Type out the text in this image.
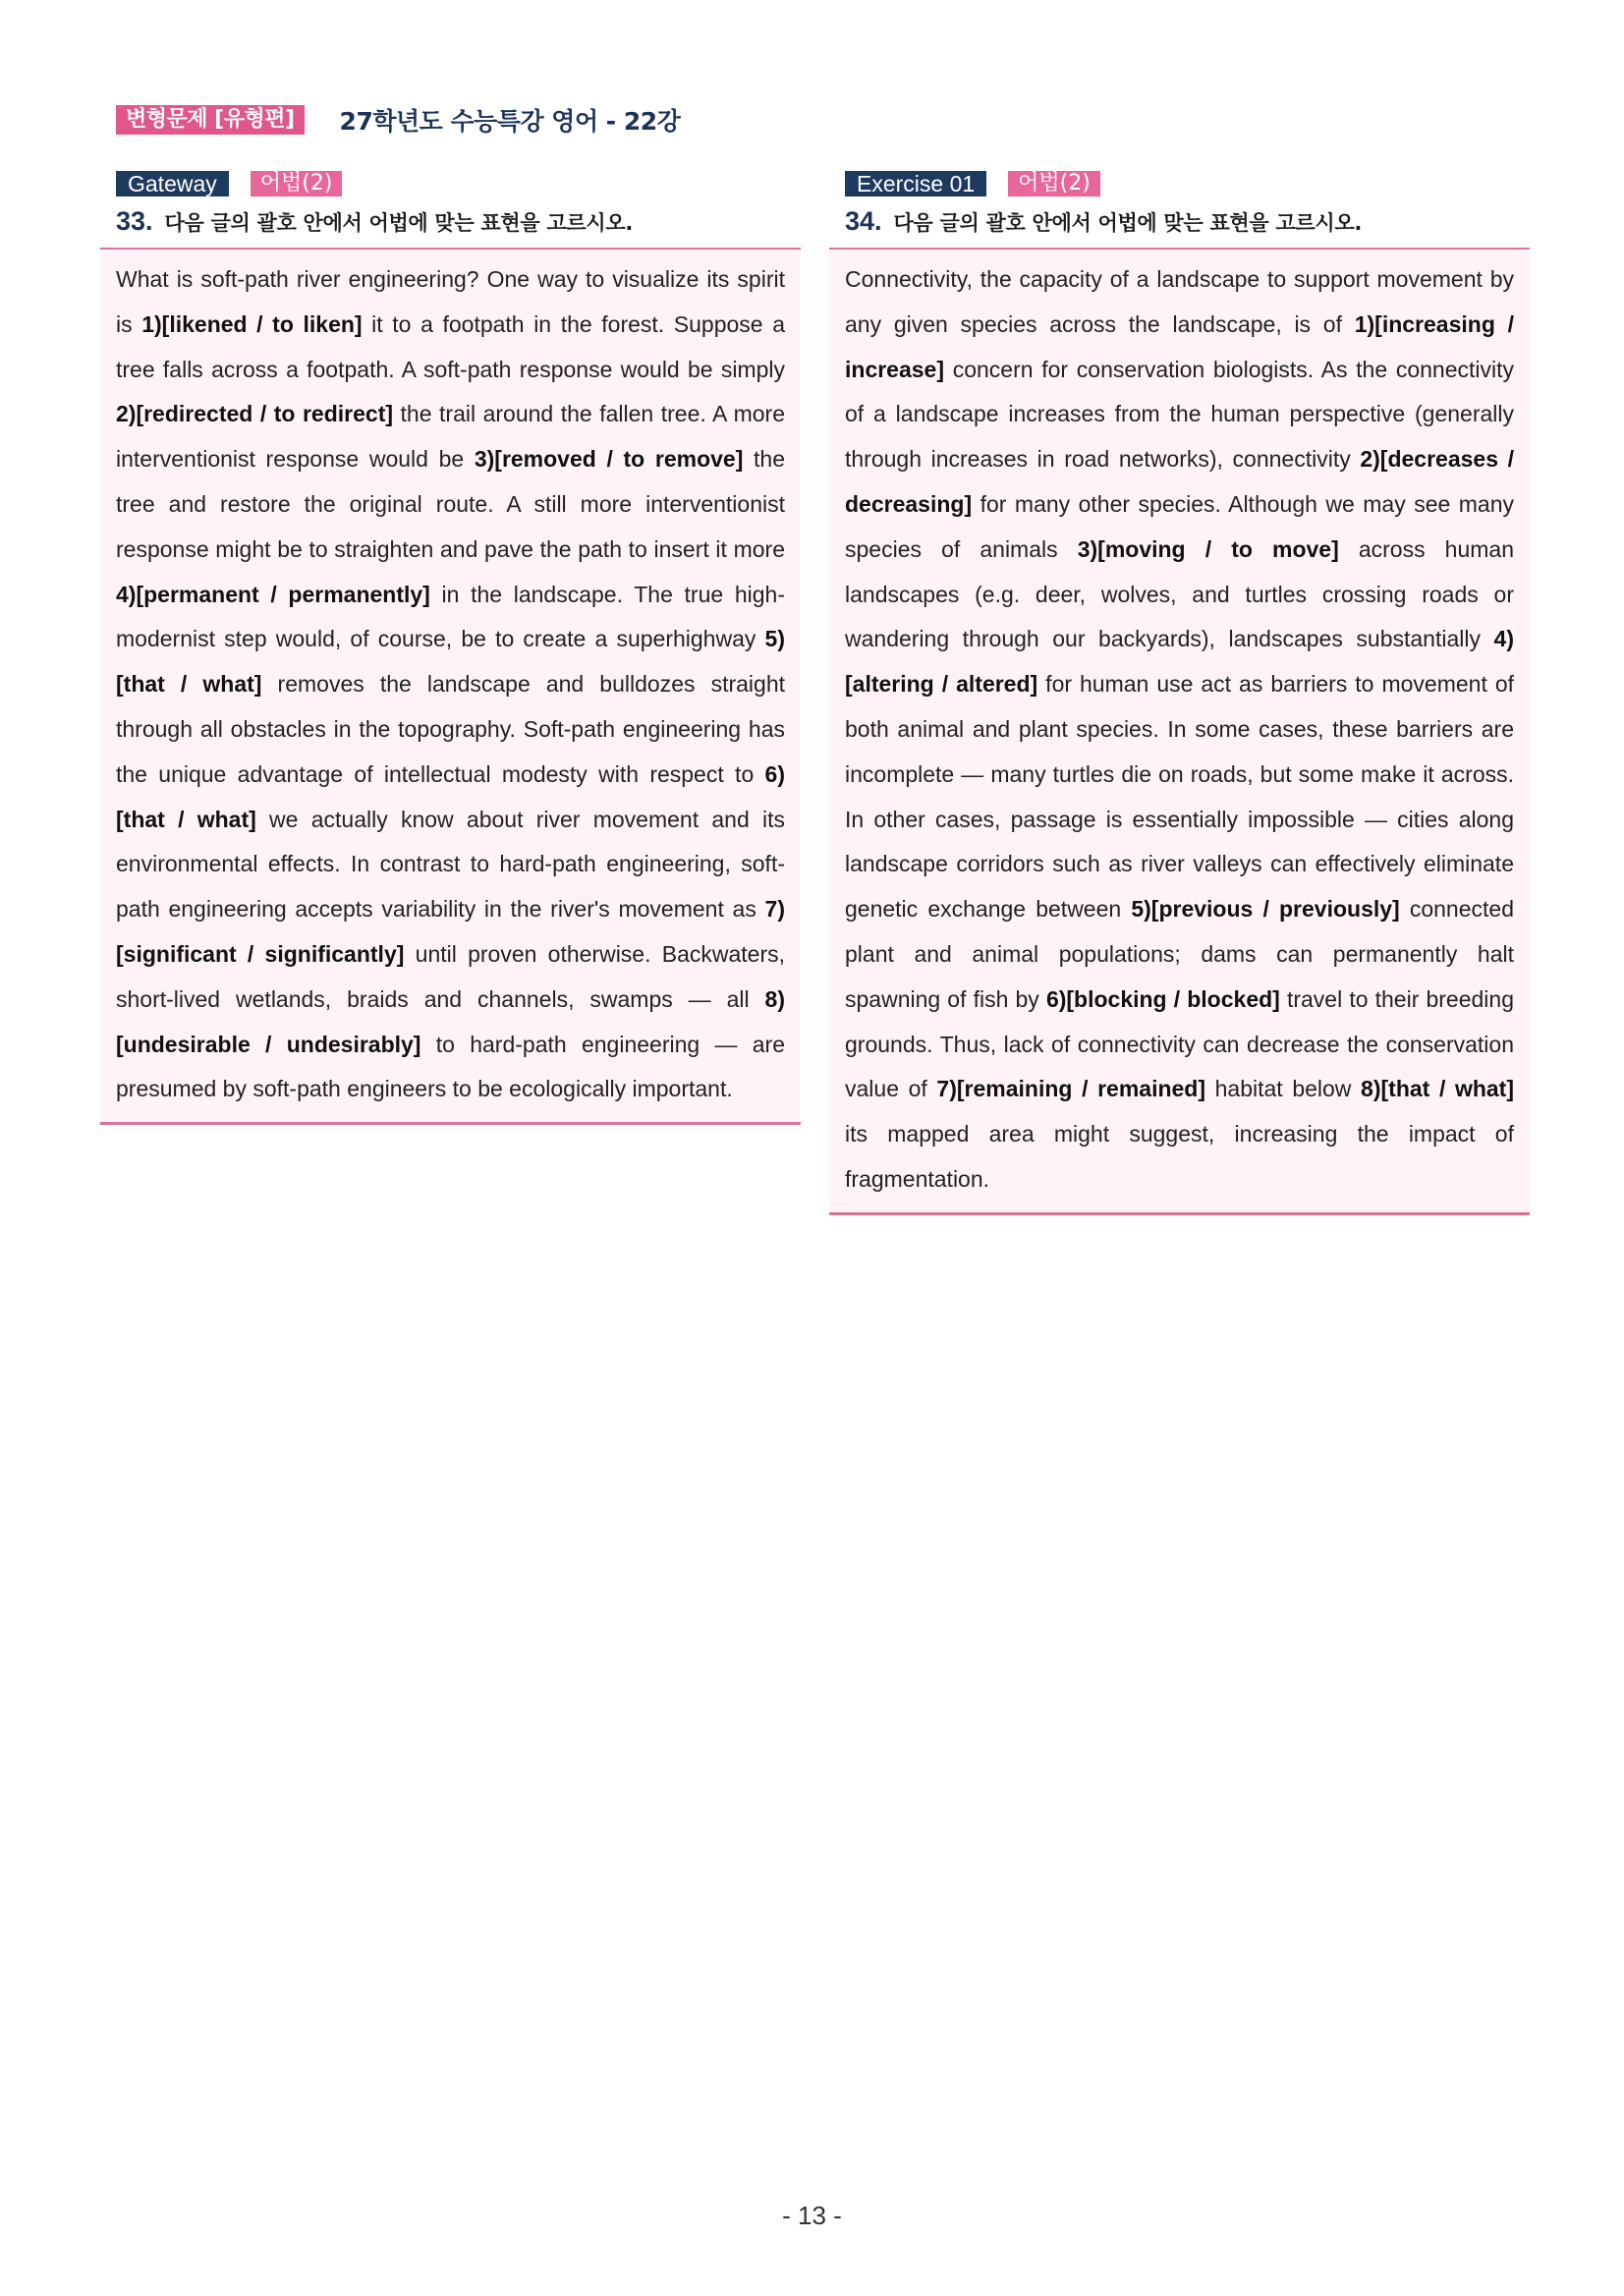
변형문제 [유형편]	27학년도 수능특강 영어 - 22강
Gateway	어법(2)
33. 다음 글의 괄호 안에서 어법에 맞는 표현을 고르시오.

What is soft-path river engineering? One way to visualize its spirit is 1)[likened / to liken] it to a footpath in the forest. Suppose a tree falls across a footpath. A soft-path response would be simply 2)[redirected / to redirect] the trail around the fallen tree. A more interventionist response would be 3)[removed / to remove] the tree and restore the original route. A still more interventionist response might be to straighten and pave the path to insert it more 4)[permanent / permanently] in the landscape. The true high-modernist step would, of course, be to create a superhighway 5)[that / what] removes the landscape and bulldozes straight through all obstacles in the topography. Soft-path engineering has the unique advantage of intellectual modesty with respect to 6)[that / what] we actually know about river movement and its environmental effects. In contrast to hard-path engineering, soft-path engineering accepts variability in the river's movement as 7)[significant / significantly] until proven otherwise. Backwaters, short-lived wetlands, braids and channels, swamps — all 8)[undesirable / undesirably] to hard-path engineering — are presumed by soft-path engineers to be ecologically important.

Exercise 01	어법(2)
34. 다음 글의 괄호 안에서 어법에 맞는 표현을 고르시오.

Connectivity, the capacity of a landscape to support movement by any given species across the landscape, is of 1)[increasing / increase] concern for conservation biologists. As the connectivity of a landscape increases from the human perspective (generally through increases in road networks), connectivity 2)[decreases / decreasing] for many other species. Although we may see many species of animals 3)[moving / to move] across human landscapes (e.g. deer, wolves, and turtles crossing roads or wandering through our backyards), landscapes substantially 4)[altering / altered] for human use act as barriers to movement of both animal and plant species. In some cases, these barriers are incomplete — many turtles die on roads, but some make it across. In other cases, passage is essentially impossible — cities along landscape corridors such as river valleys can effectively eliminate genetic exchange between 5)[previous / previously] connected plant and animal populations; dams can permanently halt spawning of fish by 6)[blocking / blocked] travel to their breeding grounds. Thus, lack of connectivity can decrease the conservation value of 7)[remaining / remained] habitat below 8)[that / what] its mapped area might suggest, increasing the impact of fragmentation.

- 13 -
